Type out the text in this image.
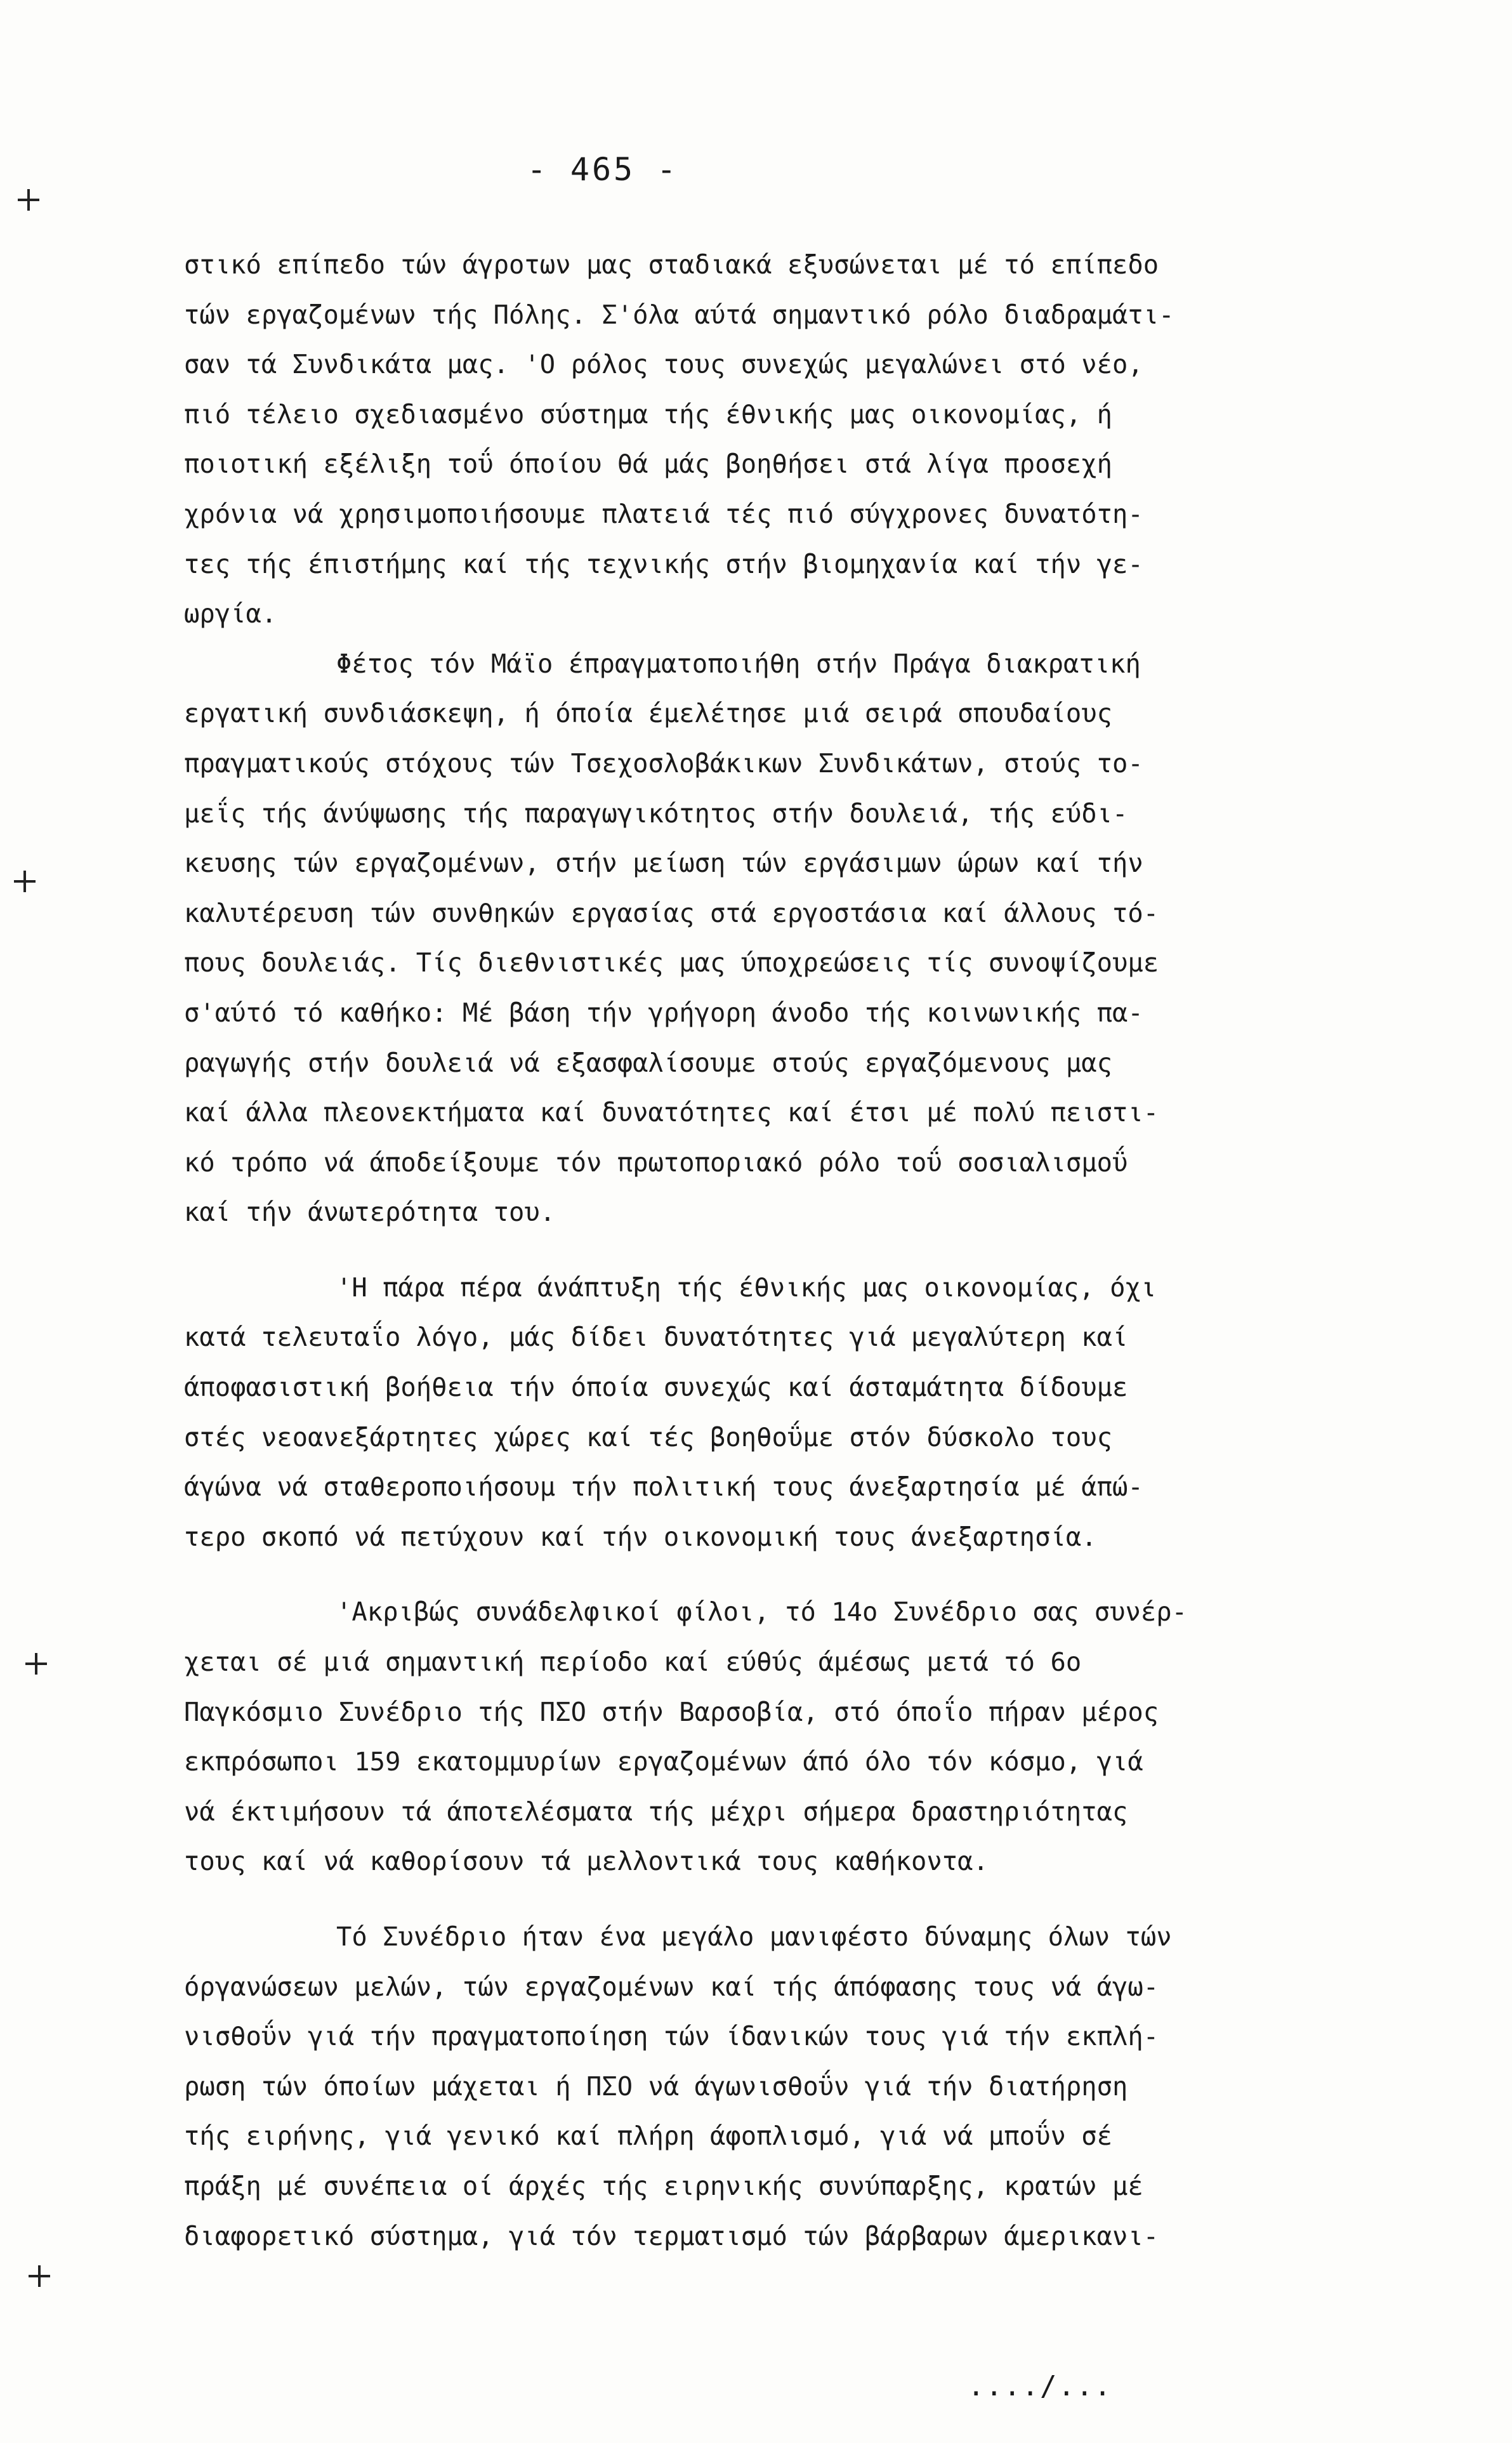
- 465 -
στικό επίπεδο τών άγροτων μας σταδιακά εξυσώνεται μέ τό επίπεδο
τών εργαζομένων τής Πόλης. Σ'όλα αύτά σημαντικό ρόλο διαδραμάτι-
σαν τά Συνδικάτα μας. 'Ο ρόλος τους συνεχώς μεγαλώνει στό νέο,
πιό τέλειο σχεδιασμένο σύστημα τής έθνικής μας οικονομίας, ή
ποιοτική εξέλιξη τοΰ όποίου θά μάς βοηθήσει στά λίγα προσεχή
χρόνια νά χρησιμοποιήσουμε πλατειά τές πιό σύγχρονες δυνατότη-
τες τής έπιστήμης καί τής τεχνικής στήν βιομηχανία καί τήν γε-
ωργία.
Φέτος τόν Μάϊο έπραγματοποιήθη στήν Πράγα διακρατική
εργατική συνδιάσκεψη, ή όποία έμελέτησε μιά σειρά σπουδαίους
πραγματικούς στόχους τών Τσεχοσλοβάκικων Συνδικάτων, στούς το-
μεΐς τής άνύψωσης τής παραγωγικότητος στήν δουλειά, τής εύδι-
κευσης τών εργαζομένων, στήν μείωση τών εργάσιμων ώρων καί τήν
καλυτέρευση τών συνθηκών εργασίας στά εργοστάσια καί άλλους τό-
πους δουλειάς. Τίς διεθνιστικές μας ύποχρεώσεις τίς συνοψίζουμε
σ'αύτό τό καθήκο: Μέ βάση τήν γρήγορη άνοδο τής κοινωνικής πα-
ραγωγής στήν δουλειά νά εξασφαλίσουμε στούς εργαζόμενους μας
καί άλλα πλεονεκτήματα καί δυνατότητες καί έτσι μέ πολύ πειστι-
κό τρόπο νά άποδείξουμε τόν πρωτοποριακό ρόλο τοΰ σοσιαλισμοΰ
καί τήν άνωτερότητα του.
'Η πάρα πέρα άνάπτυξη τής έθνικής μας οικονομίας, όχι
κατά τελευταΐο λόγο, μάς δίδει δυνατότητες γιά μεγαλύτερη καί
άποφασιστική βοήθεια τήν όποία συνεχώς καί άσταμάτητα δίδουμε
στές νεοανεξάρτητες χώρες καί τές βοηθοΰμε στόν δύσκολο τους
άγώνα νά σταθεροποιήσουμ τήν πολιτική τους άνεξαρτησία μέ άπώ-
τερο σκοπό νά πετύχουν καί τήν οικονομική τους άνεξαρτησία.
'Ακριβώς συνάδελφικοί φίλοι, τό 14ο Συνέδριο σας συνέρ-
χεται σέ μιά σημαντική περίοδο καί εύθύς άμέσως μετά τό 6ο
Παγκόσμιο Συνέδριο τής ΠΣΟ στήν Βαρσοβία, στό όποΐο πήραν μέρος
εκπρόσωποι 159 εκατομμυρίων εργαζομένων άπό όλο τόν κόσμο, γιά
νά έκτιμήσουν τά άποτελέσματα τής μέχρι σήμερα δραστηριότητας
τους καί νά καθορίσουν τά μελλοντικά τους καθήκοντα.
Τό Συνέδριο ήταν ένα μεγάλο μανιφέστο δύναμης όλων τών
όργανώσεων μελών, τών εργαζομένων καί τής άπόφασης τους νά άγω-
νισθοΰν γιά τήν πραγματοποίηση τών ίδανικών τους γιά τήν εκπλή-
ρωση τών όποίων μάχεται ή ΠΣΟ νά άγωνισθοΰν γιά τήν διατήρηση
τής ειρήνης, γιά γενικό καί πλήρη άφοπλισμό, γιά νά μποΰν σέ
πράξη μέ συνέπεια οί άρχές τής ειρηνικής συνύπαρξης, κρατών μέ
διαφορετικό σύστημα, γιά τόν τερματισμό τών βάρβαρων άμερικανι-
..../...
